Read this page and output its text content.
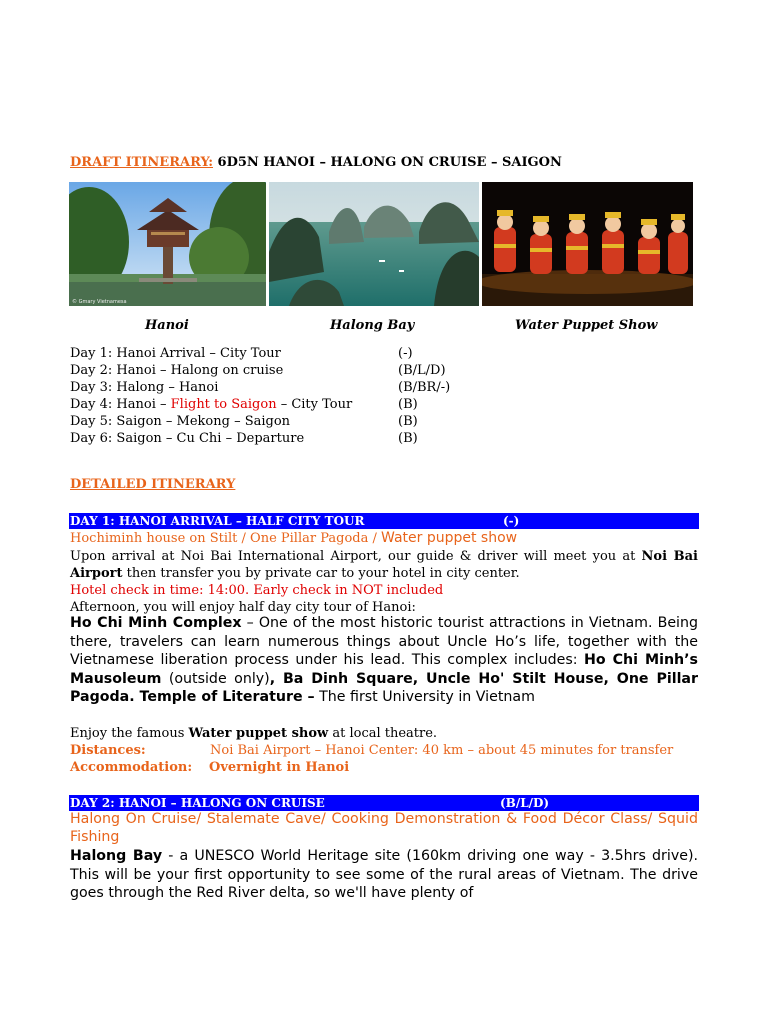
DRAFT ITINERARY: 6D5N HANOI – HALONG ON CRUISE – SAIGON
© Gmary Vietnamesa
Hanoi	Halong Bay	Water Puppet Show
Day 1: Hanoi Arrival – City Tour	(-)
Day 2: Hanoi – Halong on cruise	(B/L/D)
Day 3: Halong – Hanoi	(B/BR/-)
Day 4: Hanoi – Flight to Saigon – City Tour	(B)
Day 5: Saigon – Mekong – Saigon	(B)
Day 6: Saigon – Cu Chi – Departure	(B)
DETAILED ITINERARY
DAY 1: HANOI ARRIVAL – HALF CITY TOUR	(-)
Hochiminh house on Stilt / One Pillar Pagoda / Water puppet show
Upon arrival at Noi Bai International Airport, our guide & driver will meet you at Noi Bai Airport then transfer you by private car to your hotel in city center.
Hotel check in time: 14:00. Early check in NOT included
Afternoon, you will enjoy half day city tour of Hanoi:
Ho Chi Minh Complex – One of the most historic tourist attractions in Vietnam. Being there, travelers can learn numerous things about Uncle Ho’s life, together with the Vietnamese liberation process under his lead. This complex includes: Ho Chi Minh’s Mausoleum (outside only), Ba Dinh Square, Uncle Ho' Stilt House, One Pillar Pagoda. Temple of Literature – The first University in Vietnam
Enjoy the famous Water puppet show at local theatre.
Distances:	Noi Bai Airport – Hanoi Center: 40 km – about 45 minutes for transfer
Accommodation: Overnight in Hanoi
DAY 2: HANOI – HALONG ON CRUISE	(B/L/D)
Halong On Cruise/ Stalemate Cave/ Cooking Demonstration & Food Décor Class/ Squid Fishing
Halong Bay - a UNESCO World Heritage site (160km driving one way - 3.5hrs drive). This will be your first opportunity to see some of the rural areas of Vietnam. The drive goes through the Red River delta, so we'll have plenty of
